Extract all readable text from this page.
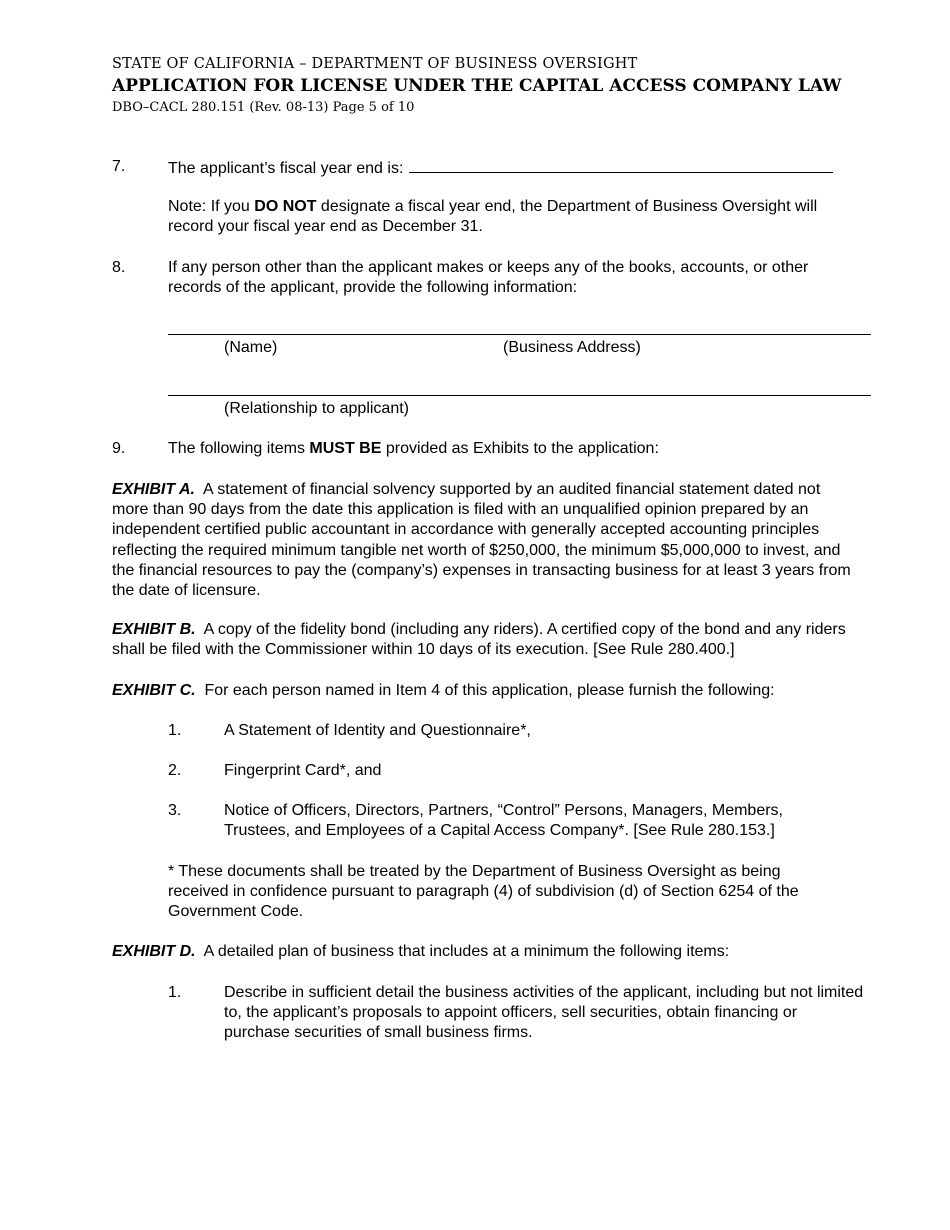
STATE OF CALIFORNIA – DEPARTMENT OF BUSINESS OVERSIGHT
APPLICATION FOR LICENSE UNDER THE CAPITAL ACCESS COMPANY LAW
DBO–CACL 280.151 (Rev. 08-13) Page 5 of 10
7.	The applicant’s fiscal year end is:
Note: If you DO NOT designate a fiscal year end, the Department of Business Oversight will
record your fiscal year end as December 31.
8.	If any person other than the applicant makes or keeps any of the books, accounts, or other
records of the applicant, provide the following information:
(Name)	(Business Address)
(Relationship to applicant)
9.	The following items MUST BE provided as Exhibits to the application:
EXHIBIT A. A statement of financial solvency supported by an audited financial statement dated not more than 90 days from the date this application is filed with an unqualified opinion prepared by an independent certified public accountant in accordance with generally accepted accounting principles reflecting the required minimum tangible net worth of $250,000, the minimum $5,000,000 to invest, and the financial resources to pay the (company’s) expenses in transacting business for at least 3 years from the date of licensure.
EXHIBIT B. A copy of the fidelity bond (including any riders). A certified copy of the bond and any riders shall be filed with the Commissioner within 10 days of its execution. [See Rule 280.400.]
EXHIBIT C. For each person named in Item 4 of this application, please furnish the following:
1.	A Statement of Identity and Questionnaire*,
2.	Fingerprint Card*, and
3.	Notice of Officers, Directors, Partners, “Control” Persons, Managers, Members, Trustees, and Employees of a Capital Access Company*. [See Rule 280.153.]
* These documents shall be treated by the Department of Business Oversight as being received in confidence pursuant to paragraph (4) of subdivision (d) of Section 6254 of the Government Code.
EXHIBIT D. A detailed plan of business that includes at a minimum the following items:
1.	Describe in sufficient detail the business activities of the applicant, including but not limited to, the applicant’s proposals to appoint officers, sell securities, obtain financing or purchase securities of small business firms.
